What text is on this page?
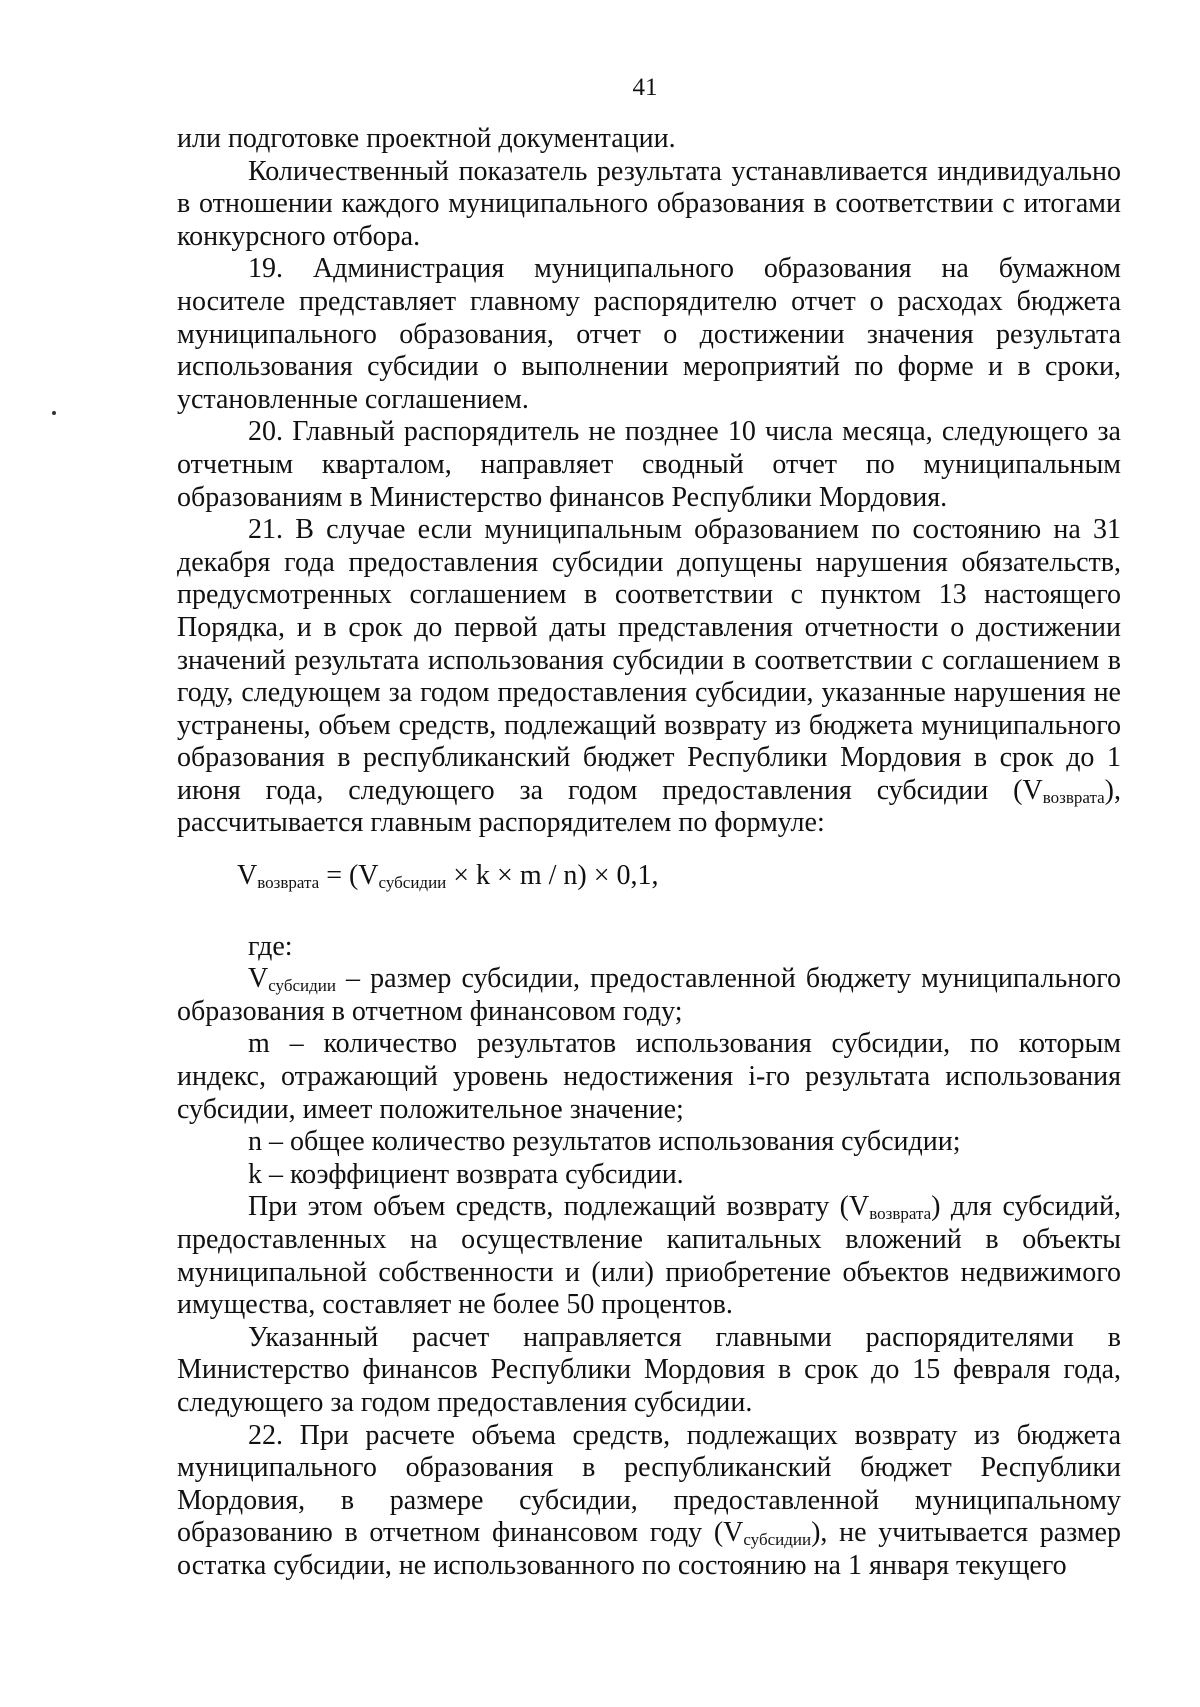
41

или подготовке проектной документации.

Количественный показатель результата устанавливается индивидуально в отношении каждого муниципального образования в соответствии с итогами конкурсного отбора.

19. Администрация муниципального образования на бумажном носителе представляет главному распорядителю отчет о расходах бюджета муниципального образования, отчет о достижении значения результата использования субсидии о выполнении мероприятий по форме и в сроки, установленные соглашением.

20. Главный распорядитель не позднее 10 числа месяца, следующего за отчетным кварталом, направляет сводный отчет по муниципальным образованиям в Министерство финансов Республики Мордовия.

21. В случае если муниципальным образованием по состоянию на 31 декабря года предоставления субсидии допущены нарушения обязательств, предусмотренных соглашением в соответствии с пунктом 13 настоящего Порядка, и в срок до первой даты представления отчетности о достижении значений результата использования субсидии в соответствии с соглашением в году, следующем за годом предоставления субсидии, указанные нарушения не устранены, объем средств, подлежащий возврату из бюджета муниципального образования в республиканский бюджет Республики Мордовия в срок до 1 июня года, следующего за годом предоставления субсидии $(V_{возврата})$, рассчитывается главным распорядителем по формуле:

$V_{возврата} = (V_{субсидии} \times k \times m / n) \times 0,1$,

где:

$V_{субсидии}$ – размер субсидии, предоставленной бюджету муниципального образования в отчетном финансовом году;

m – количество результатов использования субсидии, по которым индекс, отражающий уровень недостижения i-го результата использования субсидии, имеет положительное значение;

n – общее количество результатов использования субсидии;

k – коэффициент возврата субсидии.

При этом объем средств, подлежащий возврату $(V_{возврата})$ для субсидий, предоставленных на осуществление капитальных вложений в объекты муниципальной собственности и (или) приобретение объектов недвижимого имущества, составляет не более 50 процентов.

Указанный расчет направляется главными распорядителями в Министерство финансов Республики Мордовия в срок до 15 февраля года, следующего за годом предоставления субсидии.

22. При расчете объема средств, подлежащих возврату из бюджета муниципального образования в республиканский бюджет Республики Мордовия, в размере субсидии, предоставленной муниципальному образованию в отчетном финансовом году $(V_{субсидии})$, не учитывается размер остатка субсидии, не использованного по состоянию на 1 января текущего
